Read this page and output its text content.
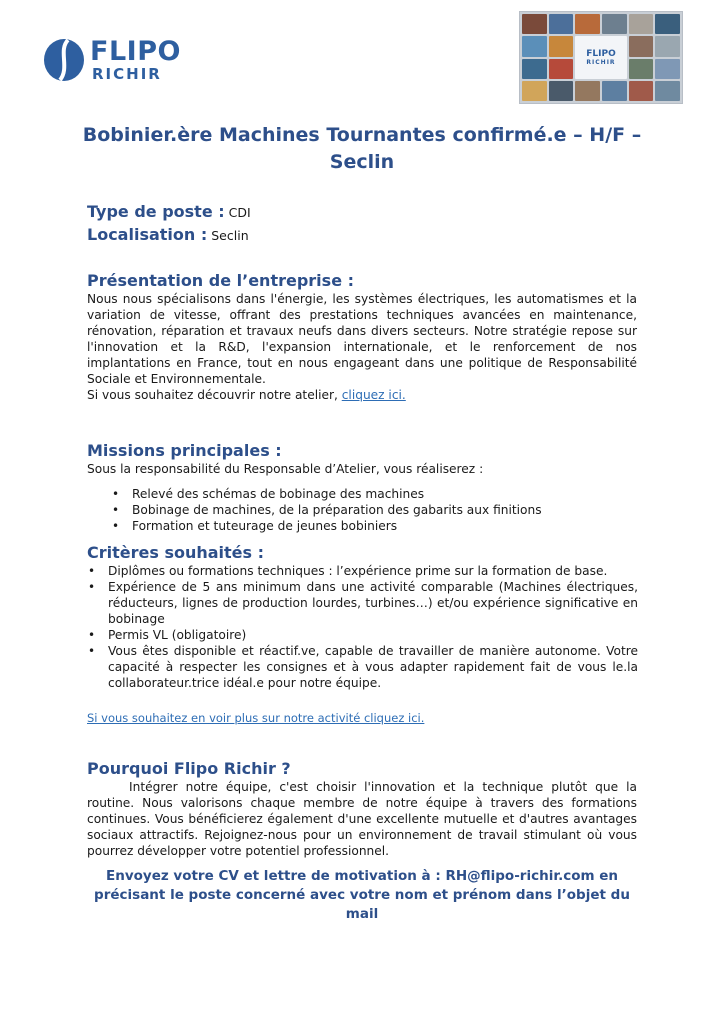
FLIPO
RICHIR
FLIPO
RICHIR
Bobinier.ère Machines Tournantes confirmé.e – H/F – Seclin
Type de poste : CDI
Localisation : Seclin
Présentation de l’entreprise :
Nous nous spécialisons dans l'énergie, les systèmes électriques, les automatismes et la variation de vitesse, offrant des prestations techniques avancées en maintenance, rénovation, réparation et travaux neufs dans divers secteurs. Notre stratégie repose sur l'innovation et la R&D, l'expansion internationale, et le renforcement de nos implantations en France, tout en nous engageant dans une politique de Responsabilité Sociale et Environnementale.
Si vous souhaitez découvrir notre atelier, cliquez ici.
Missions principales :
Sous la responsabilité du Responsable d’Atelier, vous réaliserez :
• Relevé des schémas de bobinage des machines
• Bobinage de machines, de la préparation des gabarits aux finitions
• Formation et tuteurage de jeunes bobiniers
Critères souhaités :
• Diplômes ou formations techniques : l’expérience prime sur la formation de base.
• Expérience de 5 ans minimum dans une activité comparable (Machines électriques, réducteurs, lignes de production lourdes, turbines…) et/ou expérience significative en bobinage
• Permis VL (obligatoire)
• Vous êtes disponible et réactif.ve, capable de travailler de manière autonome. Votre capacité à respecter les consignes et à vous adapter rapidement fait de vous le.la collaborateur.trice idéal.e pour notre équipe.
Si vous souhaitez en voir plus sur notre activité cliquez ici.
Pourquoi Flipo Richir ?
Intégrer notre équipe, c'est choisir l'innovation et la technique plutôt que la routine. Nous valorisons chaque membre de notre équipe à travers des formations continues. Vous bénéficierez également d'une excellente mutuelle et d'autres avantages sociaux attractifs. Rejoignez-nous pour un environnement de travail stimulant où vous pourrez développer votre potentiel professionnel.
Envoyez votre CV et lettre de motivation à : RH@flipo-richir.com en précisant le poste concerné avec votre nom et prénom dans l’objet du mail
